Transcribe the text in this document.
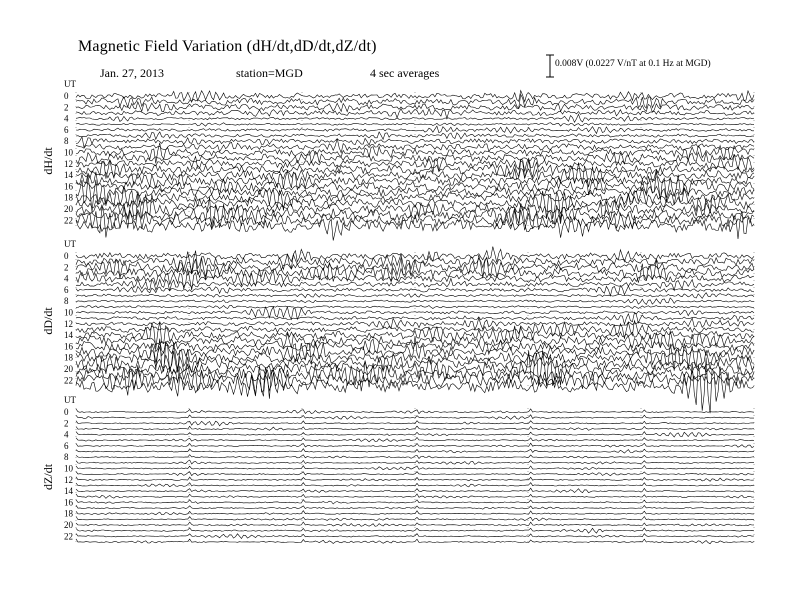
Magnetic Field Variation (dH/dt,dD/dt,dZ/dt)
Jan. 27, 2013	station=MGD	4 sec averages
0.008V (0.0227 V/nT at 0.1 Hz at MGD)
UT
dH/dt
0
2
4
6
8
10
12
14
16
18
20
22
UT
dD/dt
0
2
4
6
8
10
12
14
16
18
20
22
UT
dZ/dt
0
2
4
6
8
10
12
14
16
18
20
22
